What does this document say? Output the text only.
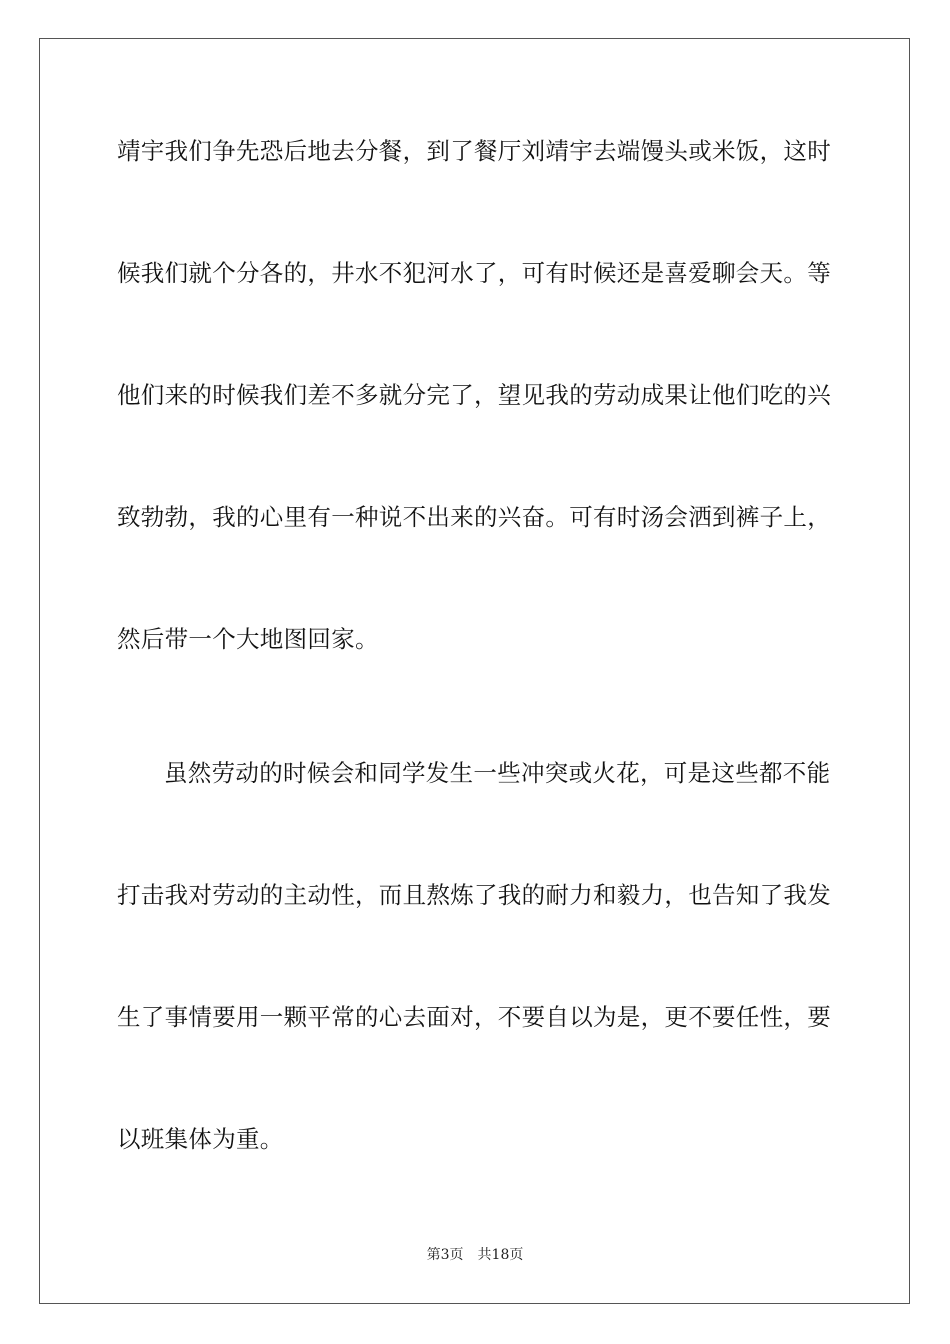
靖宇我们争先恐后地去分餐，到了餐厅刘靖宇去端馒头或米饭，这时
候我们就个分各的，井水不犯河水了，可有时候还是喜爱聊会天。等
他们来的时候我们差不多就分完了，望见我的劳动成果让他们吃的兴
致勃勃，我的心里有一种说不出来的兴奋。可有时汤会洒到裤子上，
然后带一个大地图回家。
虽然劳动的时候会和同学发生一些冲突或火花，可是这些都不能
打击我对劳动的主动性，而且熬炼了我的耐力和毅力，也告知了我发
生了事情要用一颗平常的心去面对，不要自以为是，更不要任性，要
以班集体为重。
第3页 共18页
